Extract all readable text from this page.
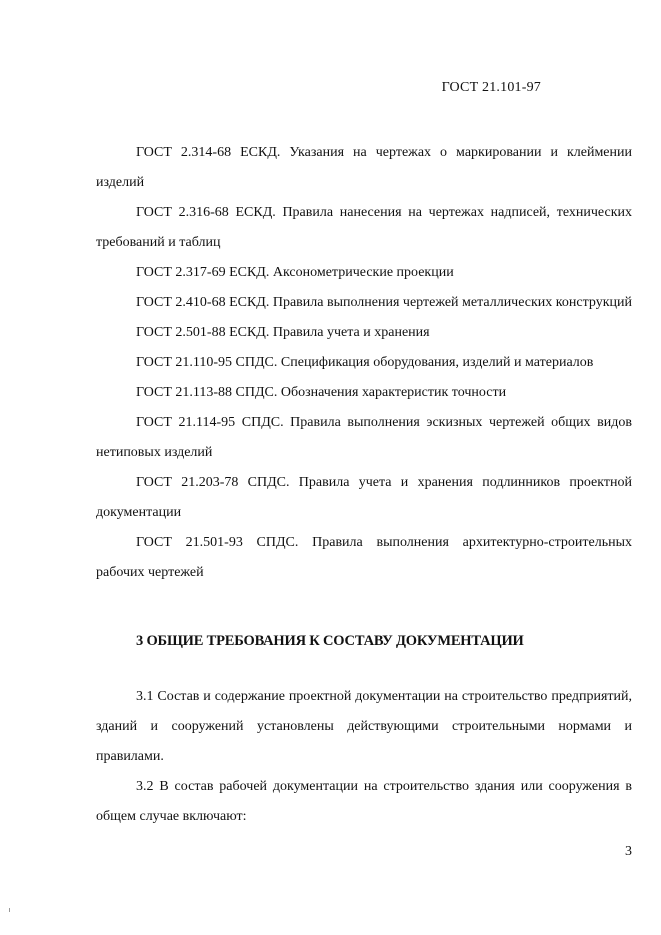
ГОСТ 21.101-97

ГОСТ 2.314-68 ЕСКД. Указания на чертежах о маркировании и клеймении изделий

ГОСТ 2.316-68 ЕСКД. Правила нанесения на чертежах надписей, технических требований и таблиц

ГОСТ 2.317-69 ЕСКД. Аксонометрические проекции

ГОСТ 2.410-68 ЕСКД. Правила выполнения чертежей металлических конструкций

ГОСТ 2.501-88 ЕСКД. Правила учета и хранения

ГОСТ 21.110-95 СПДС. Спецификация оборудования, изделий и материалов

ГОСТ 21.113-88 СПДС. Обозначения характеристик точности

ГОСТ 21.114-95 СПДС. Правила выполнения эскизных чертежей общих видов нетиповых изделий

ГОСТ 21.203-78 СПДС. Правила учета и хранения подлинников проектной документации

ГОСТ 21.501-93 СПДС. Правила выполнения архитектурно-строительных рабочих чертежей

3 ОБЩИЕ ТРЕБОВАНИЯ К СОСТАВУ ДОКУМЕНТАЦИИ

3.1 Состав и содержание проектной документации на строительство предприятий, зданий и сооружений установлены действующими строительными нормами и правилами.

3.2 В состав рабочей документации на строительство здания или сооружения в общем случае включают:

3
